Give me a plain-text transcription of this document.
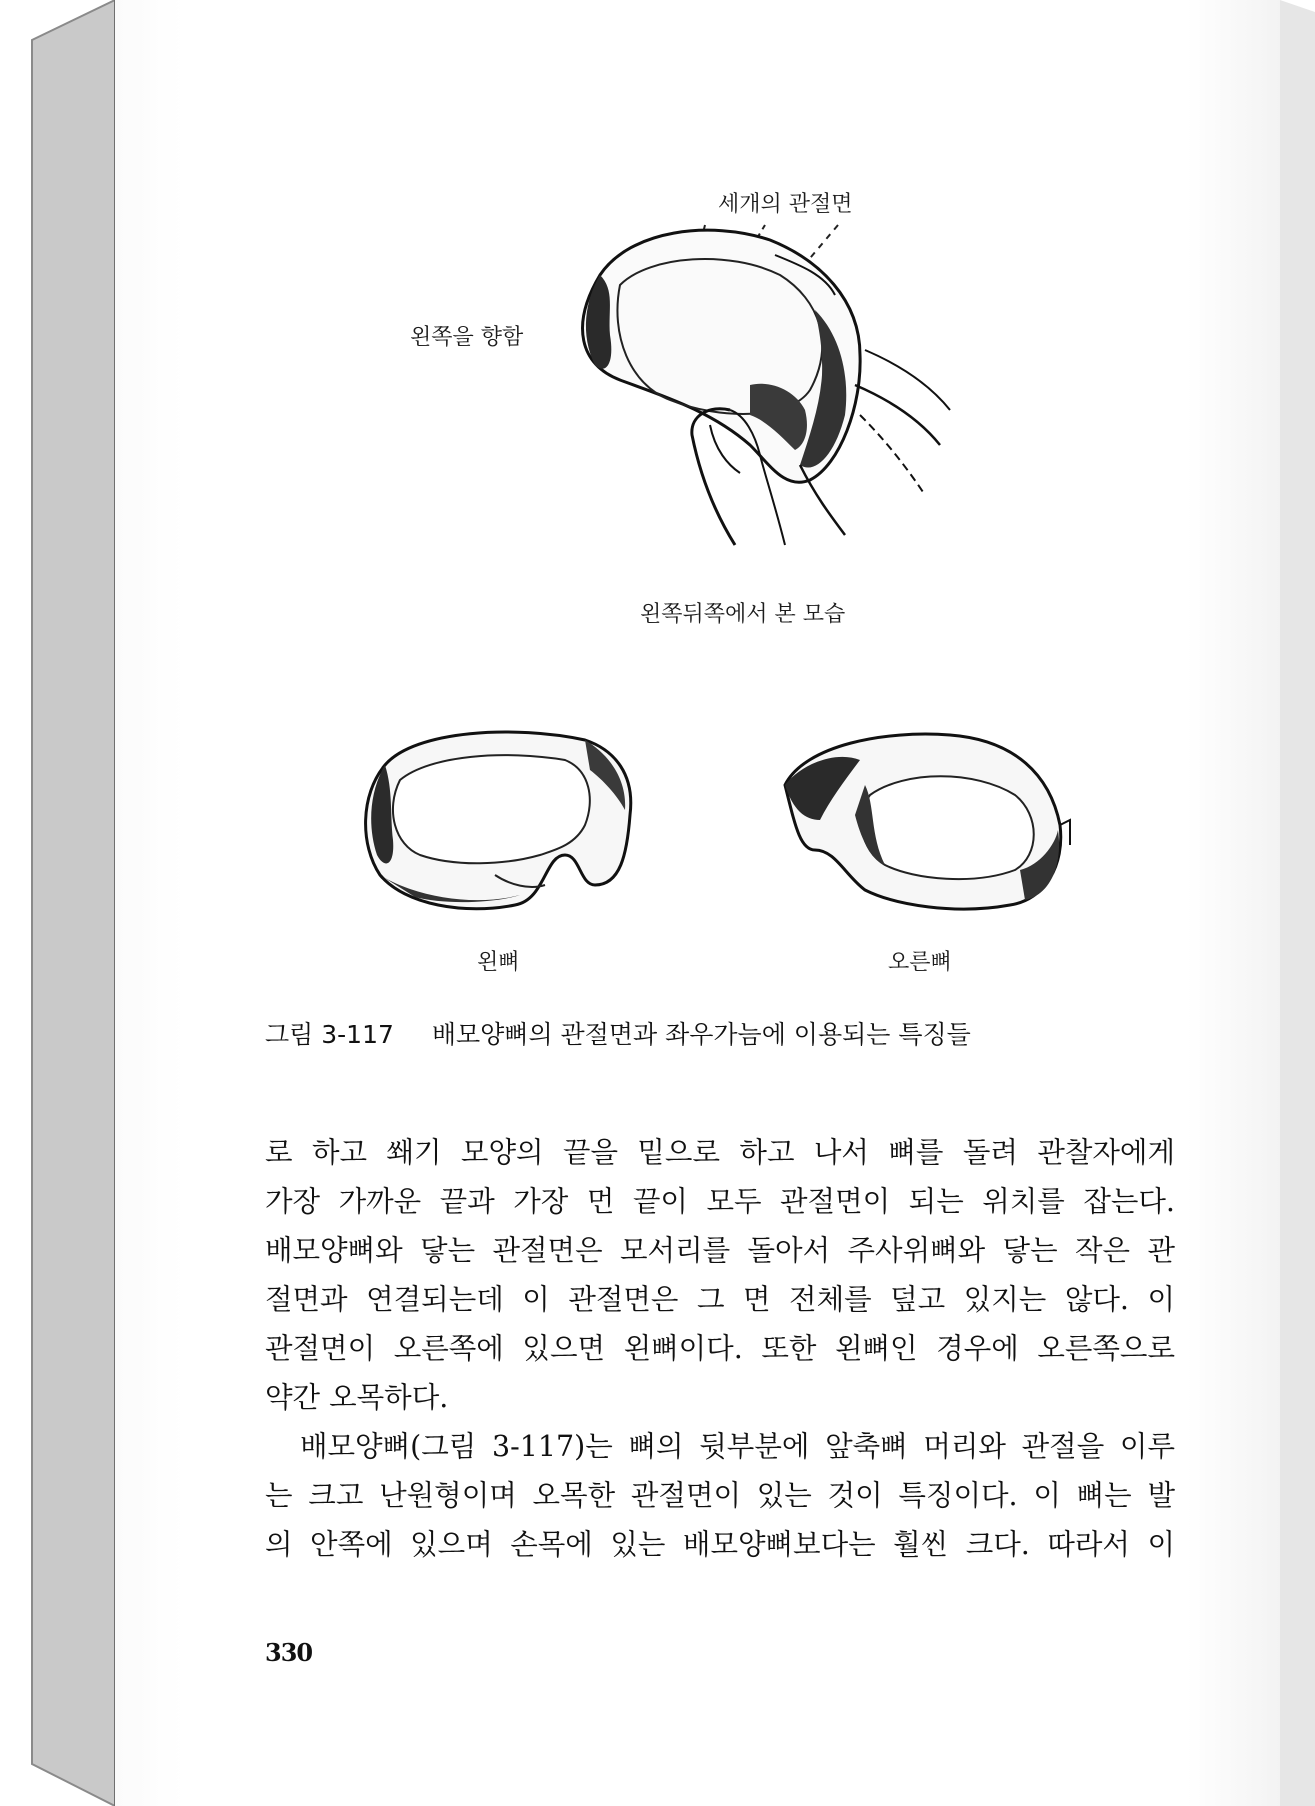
세개의 관절면
왼쪽을 향함
왼쪽뒤쪽에서 본 모습
왼뼈	오른뼈
그림 3-117 배모양뼈의 관절면과 좌우가늠에 이용되는 특징들
로 하고 쐐기 모양의 끝을 밑으로 하고 나서 뼈를 돌려 관찰자에게
가장 가까운 끝과 가장 먼 끝이 모두 관절면이 되는 위치를 잡는다.
배모양뼈와 닿는 관절면은 모서리를 돌아서 주사위뼈와 닿는 작은 관
절면과 연결되는데 이 관절면은 그 면 전체를 덮고 있지는 않다. 이
관절면이 오른쪽에 있으면 왼뼈이다. 또한 왼뼈인 경우에 오른쪽으로
약간 오목하다.
배모양뼈(그림 3-117)는 뼈의 뒷부분에 앞축뼈 머리와 관절을 이루
는 크고 난원형이며 오목한 관절면이 있는 것이 특징이다. 이 뼈는 발
의 안쪽에 있으며 손목에 있는 배모양뼈보다는 훨씬 크다. 따라서 이
330
